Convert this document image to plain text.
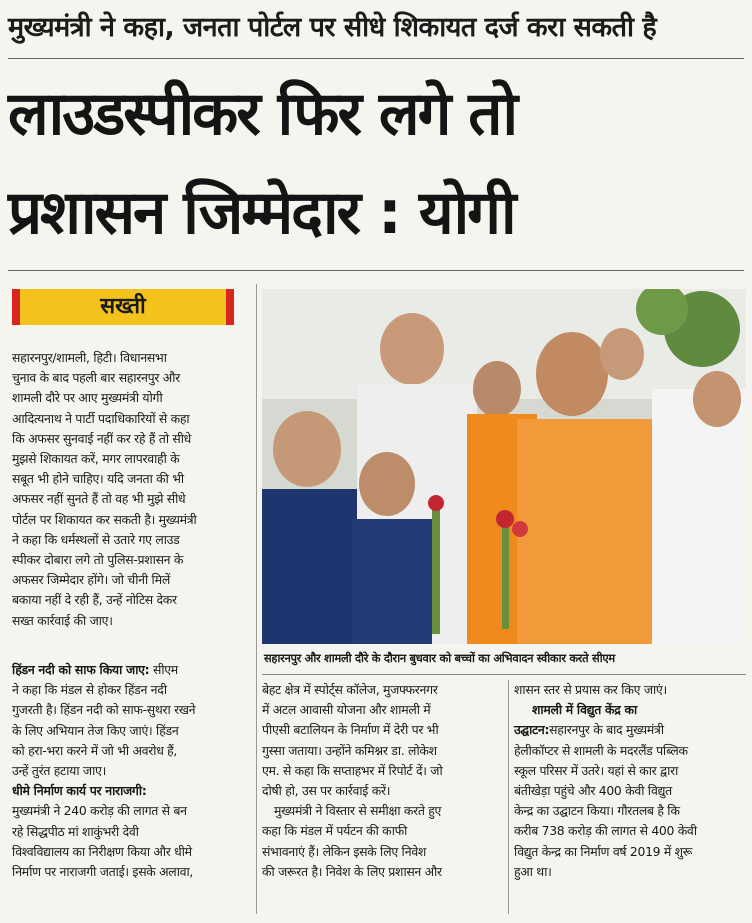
मुख्यमंत्री ने कहा, जनता पोर्टल पर सीधे शिकायत दर्ज करा सकती है
लाउडस्पीकर फिर लगे तो
प्रशासन जिम्मेदार : योगी
सख्ती
सहारनपुर और शामली दौरे के दौरान बुधवार को बच्चों का अभिवादन स्वीकार करते सीएम

सहारनपुर/शामली, हिटी। विधानसभा

चुनाव के बाद पहली बार सहारनपुर और

शामली दौरे पर आए मुख्यमंत्री योगी

आदित्यनाथ ने पार्टी पदाधिकारियों से कहा

कि अफसर सुनवाई नहीं कर रहे हैं तो सीधे

मुझसे शिकायत करें, मगर लापरवाही के

सबूत भी होने चाहिए। यदि जनता की भी

अफसर नहीं सुनते हैं तो वह भी मुझे सीधे

पोर्टल पर शिकायत कर सकती है। मुख्यमंत्री

ने कहा कि धर्मस्थलों से उतारे गए लाउड

स्पीकर दोबारा लगे तो पुलिस-प्रशासन के

अफसर जिम्मेदार होंगे। जो चीनी मिलें

बकाया नहीं दे रही हैं, उन्हें नोटिस देकर

सख्त कार्रवाई की जाए।

हिंडन नदी को साफ किया जाए: सीएम

ने कहा कि मंडल से होकर हिंडन नदी

गुजरती है। हिंडन नदी को साफ-सुथरा रखने

के लिए अभियान तेज किए जाएं। हिंडन

को हरा-भरा करने में जो भी अवरोध हैं,

उन्हें तुरंत हटाया जाए।

धीमे निर्माण कार्य पर नाराजगी:

मुख्यमंत्री ने 240 करोड़ की लागत से बन

रहे सिद्धपीठ मां शाकुंभरी देवी

विश्वविद्यालय का निरीक्षण किया और धीमे

निर्माण पर नाराजगी जताई। इसके अलावा,

बेहट क्षेत्र में स्पोर्ट्स कॉलेज, मुजफ्फरनगर

में अटल आवासी योजना और शामली में

पीएसी बटालियन के निर्माण में देरी पर भी

गुस्सा जताया। उन्होंने कमिश्नर डा. लोकेश

एम. से कहा कि सप्ताहभर में रिपोर्ट दें। जो

दोषी हो, उस पर कार्रवाई करें।

मुख्यमंत्री ने विस्तार से समीक्षा करते हुए

कहा कि मंडल में पर्यटन की काफी

संभावनाएं हैं। लेकिन इसके लिए निवेश

की जरूरत है। निवेश के लिए प्रशासन और

शासन स्तर से प्रयास कर किए जाएं।

शामली में विद्युत केंद्र का

उद्घाटन:सहारनपुर के बाद मुख्यमंत्री

हेलीकॉप्टर से शामली के मदरलैंड पब्लिक

स्कूल परिसर में उतरे। यहां से कार द्वारा

बंतीखेड़ा पहुंचे और 400 केवी विद्युत

केन्द्र का उद्घाटन किया। गौरतलब है कि

करीब 738 करोड़ की लागत से 400 केवी

विद्युत केन्द्र का निर्माण वर्ष 2019 में शुरू

हुआ था।
